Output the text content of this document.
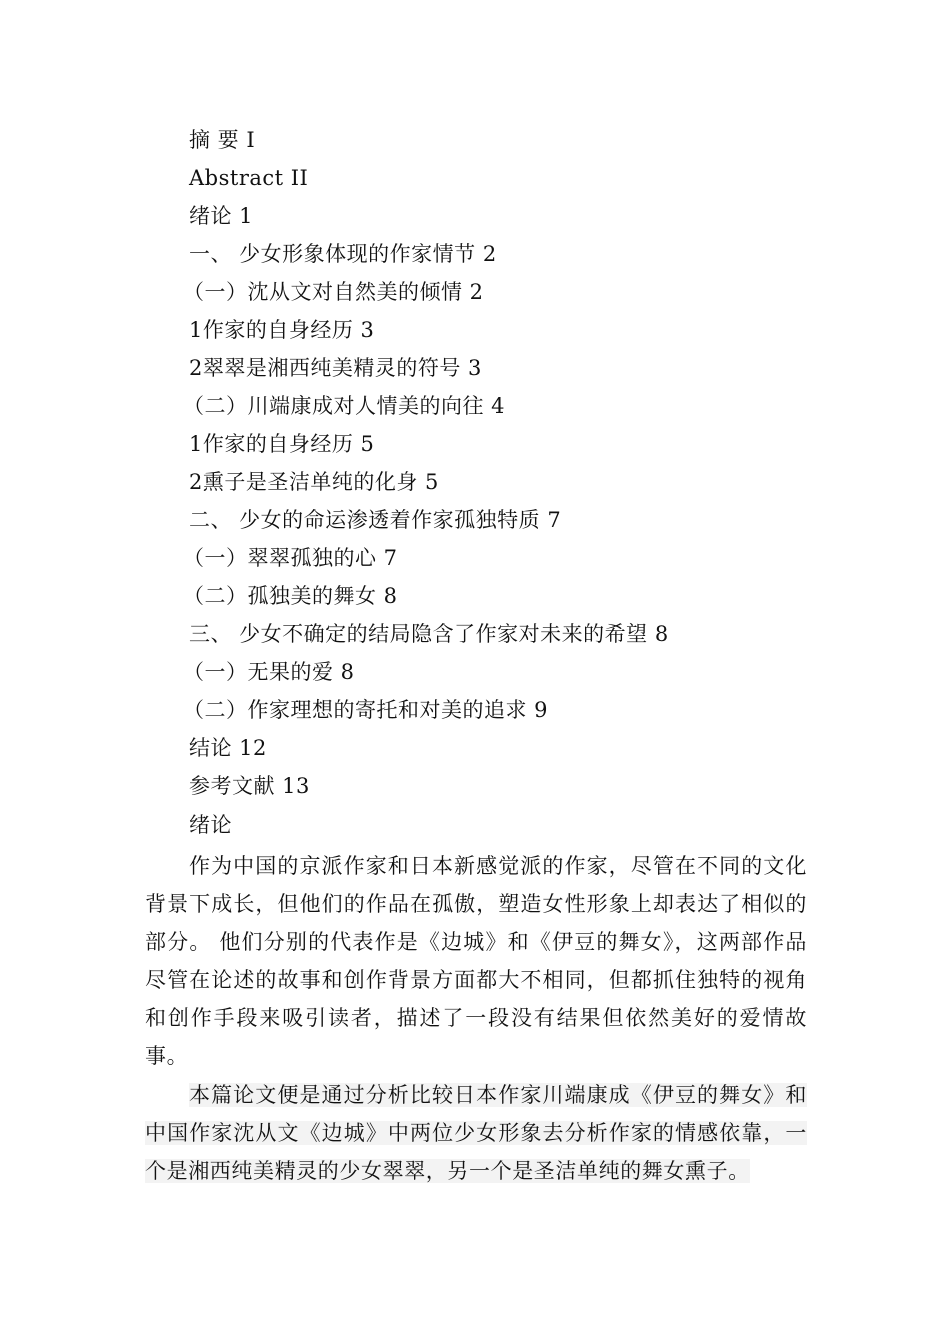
摘 要 I
Abstract II
绪论 1
一、 少女形象体现的作家情节 2
（一）沈从文对自然美的倾情 2
1作家的自身经历 3
2翠翠是湘西纯美精灵的符号 3
（二）川端康成对人情美的向往 4
1作家的自身经历 5
2熏子是圣洁单纯的化身 5
二、 少女的命运渗透着作家孤独特质 7
（一）翠翠孤独的心 7
（二）孤独美的舞女 8
三、 少女不确定的结局隐含了作家对未来的希望 8
（一）无果的爱 8
（二）作家理想的寄托和对美的追求 9
结论 12
参考文献 13
绪论

作为中国的京派作家和日本新感觉派的作家，尽管在不同的文化背景下成长，但他们的作品在孤傲，塑造女性形象上却表达了相似的部分。 他们分别的代表作是《边城》和《伊豆的舞女》，这两部作品尽管在论述的故事和创作背景方面都大不相同，但都抓住独特的视角和创作手段来吸引读者，描述了一段没有结果但依然美好的爱情故事。

本篇论文便是通过分析比较日本作家川端康成《伊豆的舞女》和中国作家沈从文《边城》中两位少女形象去分析作家的情感依靠，一个是湘西纯美精灵的少女翠翠，另一个是圣洁单纯的舞女熏子。
